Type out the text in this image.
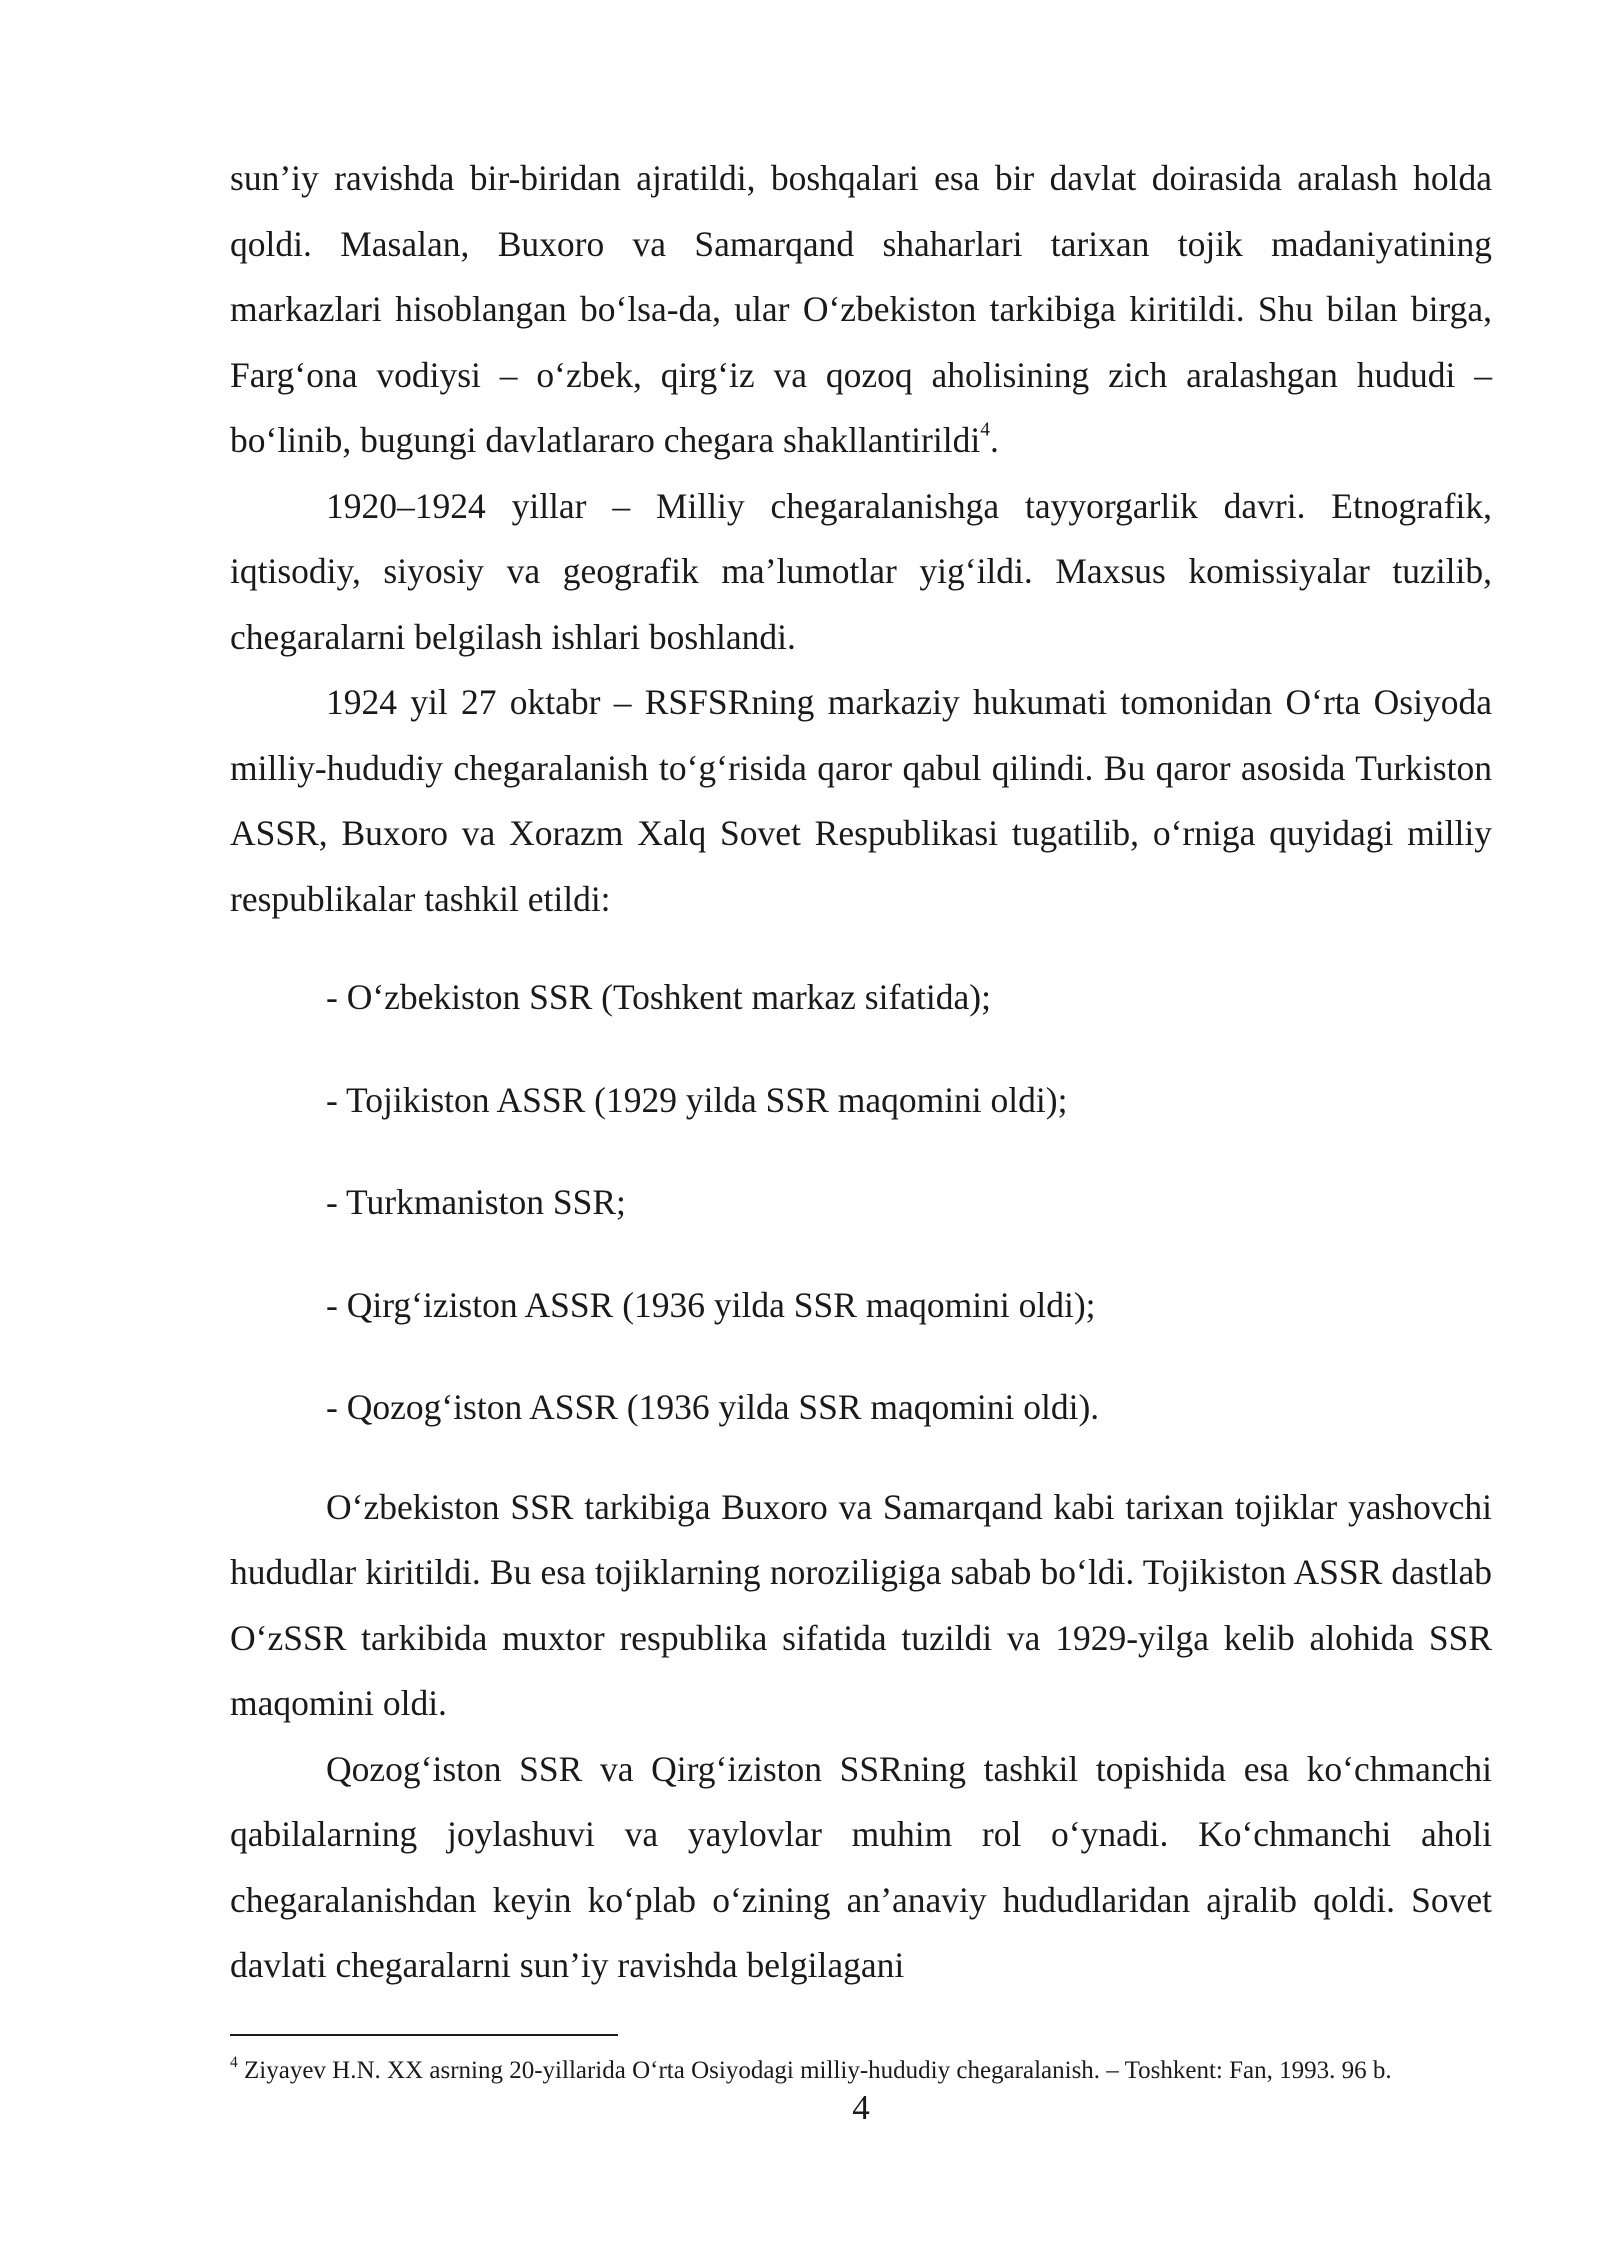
sun’iy ravishda bir-biridan ajratildi, boshqalari esa bir davlat doirasida aralash holda qoldi. Masalan, Buxoro va Samarqand shaharlari tarixan tojik madaniyatining markazlari hisoblangan bo‘lsa-da, ular O‘zbekiston tarkibiga kiritildi. Shu bilan birga, Farg‘ona vodiysi – o‘zbek, qirg‘iz va qozoq aholisining zich aralashgan hududi – bo‘linib, bugungi davlatlararo chegara shakllantirildi$^4$.

1920–1924 yillar – Milliy chegaralanishga tayyorgarlik davri. Etnografik, iqtisodiy, siyosiy va geografik ma’lumotlar yig‘ildi. Maxsus komissiyalar tuzilib, chegaralarni belgilash ishlari boshlandi.

1924 yil 27 oktabr – RSFSRning markaziy hukumati tomonidan O‘rta Osiyoda milliy-hududiy chegaralanish to‘g‘risida qaror qabul qilindi. Bu qaror asosida Turkiston ASSR, Buxoro va Xorazm Xalq Sovet Respublikasi tugatilib, o‘rniga quyidagi milliy respublikalar tashkil etildi:

- O‘zbekiston SSR (Toshkent markaz sifatida);
- Tojikiston ASSR (1929 yilda SSR maqomini oldi);
- Turkmaniston SSR;
- Qirg‘iziston ASSR (1936 yilda SSR maqomini oldi);
- Qozog‘iston ASSR (1936 yilda SSR maqomini oldi).

O‘zbekiston SSR tarkibiga Buxoro va Samarqand kabi tarixan tojiklar yashovchi hududlar kiritildi. Bu esa tojiklarning noroziligiga sabab bo‘ldi. Tojikiston ASSR dastlab O‘zSSR tarkibida muxtor respublika sifatida tuzildi va 1929-yilga kelib alohida SSR maqomini oldi.

Qozog‘iston SSR va Qirg‘iziston SSRning tashkil topishida esa ko‘chmanchi qabilalarning joylashuvi va yaylovlar muhim rol o‘ynadi. Ko‘chmanchi aholi chegaralanishdan keyin ko‘plab o‘zining an’anaviy hududlaridan ajralib qoldi. Sovet davlati chegaralarni sun’iy ravishda belgilagani

$^4$ Ziyayev H.N. XX asrning 20-yillarida O‘rta Osiyodagi milliy-hududiy chegaralanish. – Toshkent: Fan, 1993. 96 b.
4
